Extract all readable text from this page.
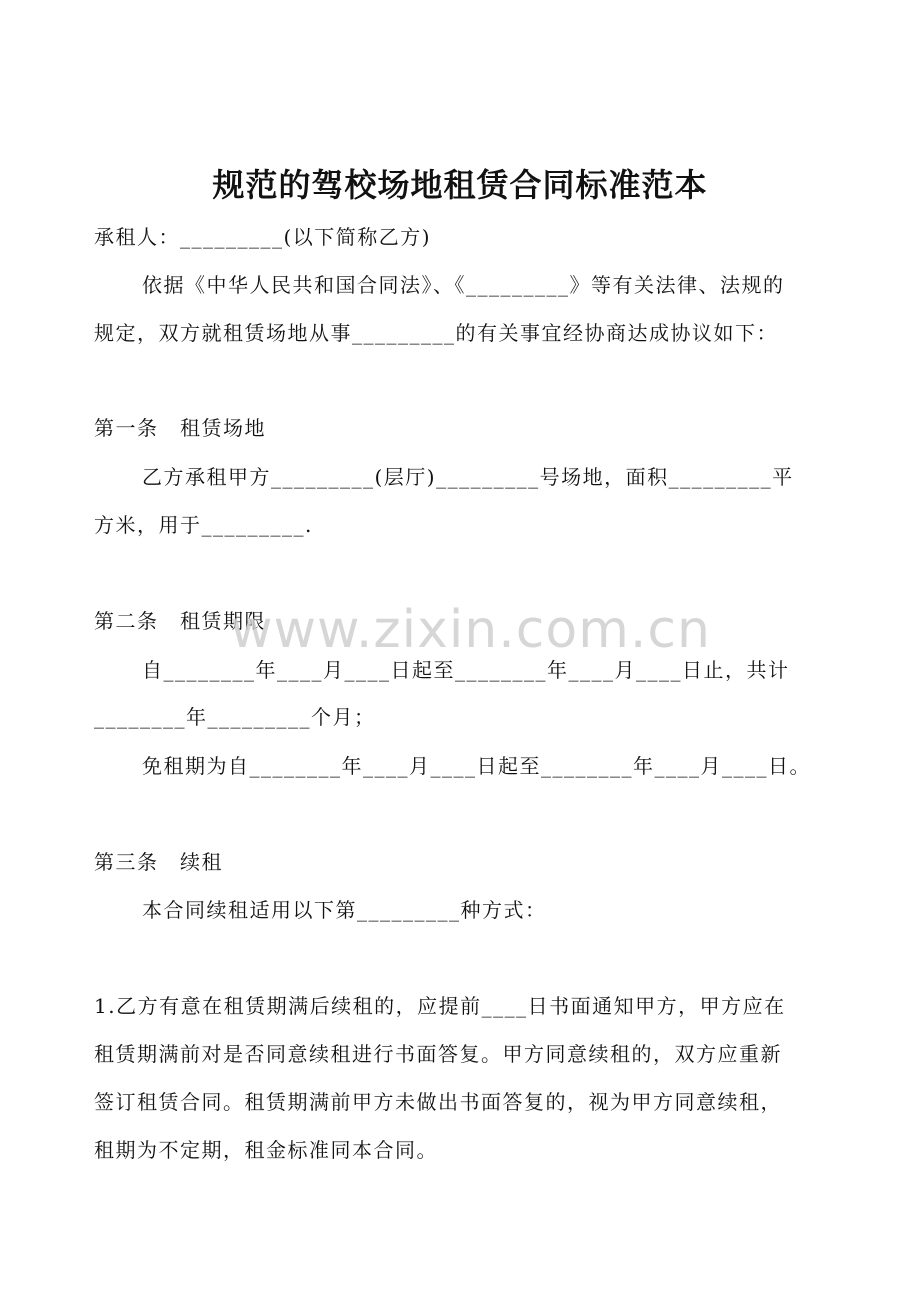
规范的驾校场地租赁合同标准范本
承租人：_________(以下简称乙方)
依据《中华人民共和国合同法》、《_________》等有关法律、法规的
规定，双方就租赁场地从事_________的有关事宜经协商达成协议如下：
第一条　租赁场地
乙方承租甲方_________(层厅)_________号场地，面积_________平
方米，用于_________.
第二条　租赁期限
自________年____月____日起至________年____月____日止，共计
________年_________个月；
免租期为自________年____月____日起至________年____月____日。
第三条　续租
本合同续租适用以下第_________种方式：
1.乙方有意在租赁期满后续租的，应提前____日书面通知甲方，甲方应在
租赁期满前对是否同意续租进行书面答复。甲方同意续租的，双方应重新
签订租赁合同。租赁期满前甲方未做出书面答复的，视为甲方同意续租，
租期为不定期，租金标准同本合同。
www.zixin.com.cn
